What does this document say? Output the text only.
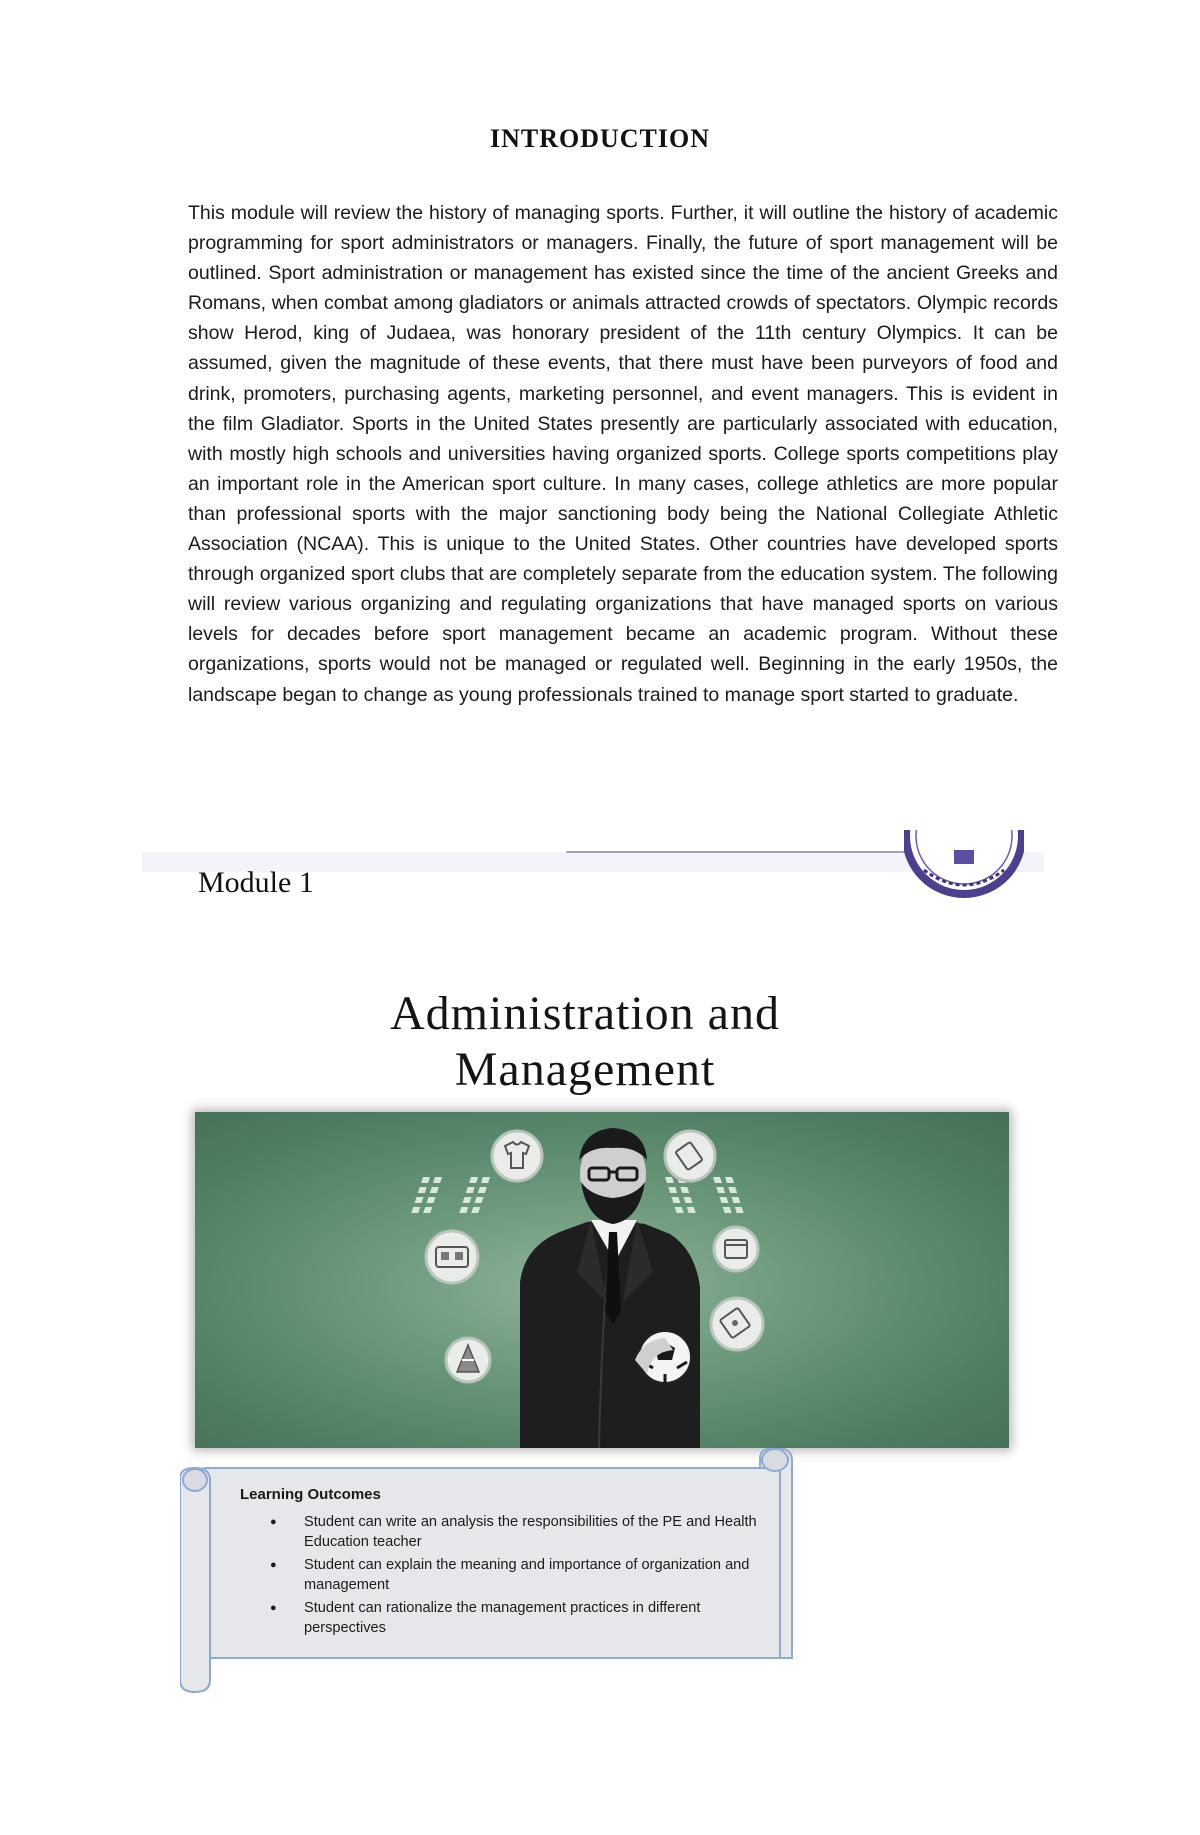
INTRODUCTION

This module will review the history of managing sports. Further, it will outline the history of academic programming for sport administrators or managers. Finally, the future of sport management will be outlined. Sport administration or management has existed since the time of the ancient Greeks and Romans, when combat among gladiators or animals attracted crowds of spectators. Olympic records show Herod, king of Judaea, was honorary president of the 11th century Olympics. It can be assumed, given the magnitude of these events, that there must have been purveyors of food and drink, promoters, purchasing agents, marketing personnel, and event managers. This is evident in the film Gladiator. Sports in the United States presently are particularly associated with education, with mostly high schools and universities having organized sports. College sports competitions play an important role in the American sport culture. In many cases, college athletics are more popular than professional sports with the major sanctioning body being the National Collegiate Athletic Association (NCAA). This is unique to the United States. Other countries have developed sports through organized sport clubs that are completely separate from the education system. The following will review various organizing and regulating organizations that have managed sports on various levels for decades before sport management became an academic program. Without these organizations, sports would not be managed or regulated well. Beginning in the early 1950s, the landscape began to change as young professionals trained to manage sport started to graduate.

Module 1
Administration and
Management
Learning Outcomes
● Student can write an analysis the responsibilities of the PE and Health Education teacher
● Student can explain the meaning and importance of organization and management
● Student can rationalize the management practices in different perspectives
